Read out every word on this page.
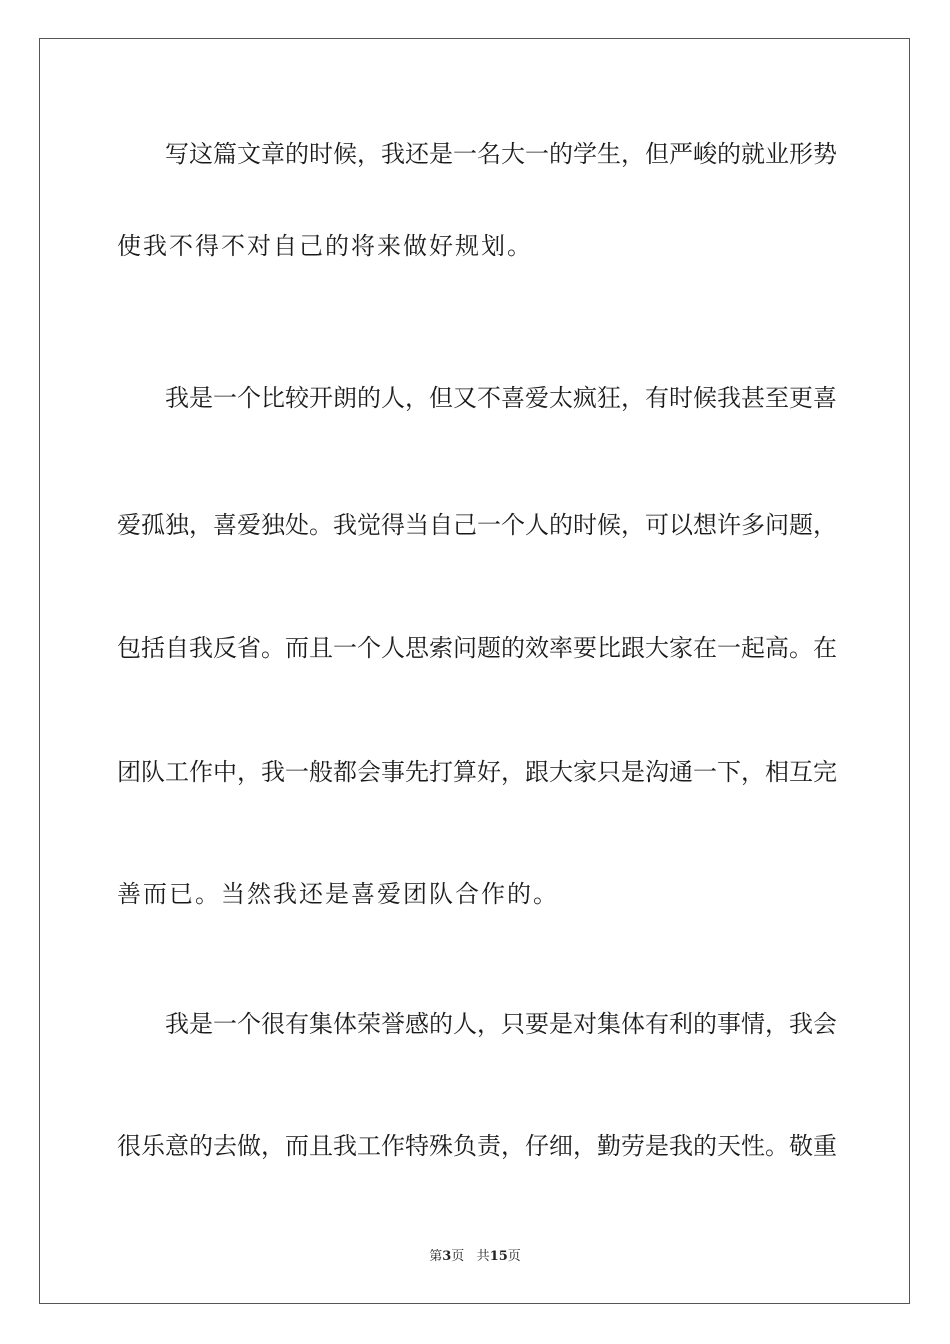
写这篇文章的时候，我还是一名大一的学生，但严峻的就业形势
使我不得不对自己的将来做好规划。
我是一个比较开朗的人，但又不喜爱太疯狂，有时候我甚至更喜
爱孤独，喜爱独处。我觉得当自己一个人的时候，可以想许多问题，
包括自我反省。而且一个人思索问题的效率要比跟大家在一起高。在
团队工作中，我一般都会事先打算好，跟大家只是沟通一下，相互完
善而已。当然我还是喜爱团队合作的。
我是一个很有集体荣誉感的人，只要是对集体有利的事情，我会
很乐意的去做，而且我工作特殊负责，仔细，勤劳是我的天性。敬重
第3页 共15页
